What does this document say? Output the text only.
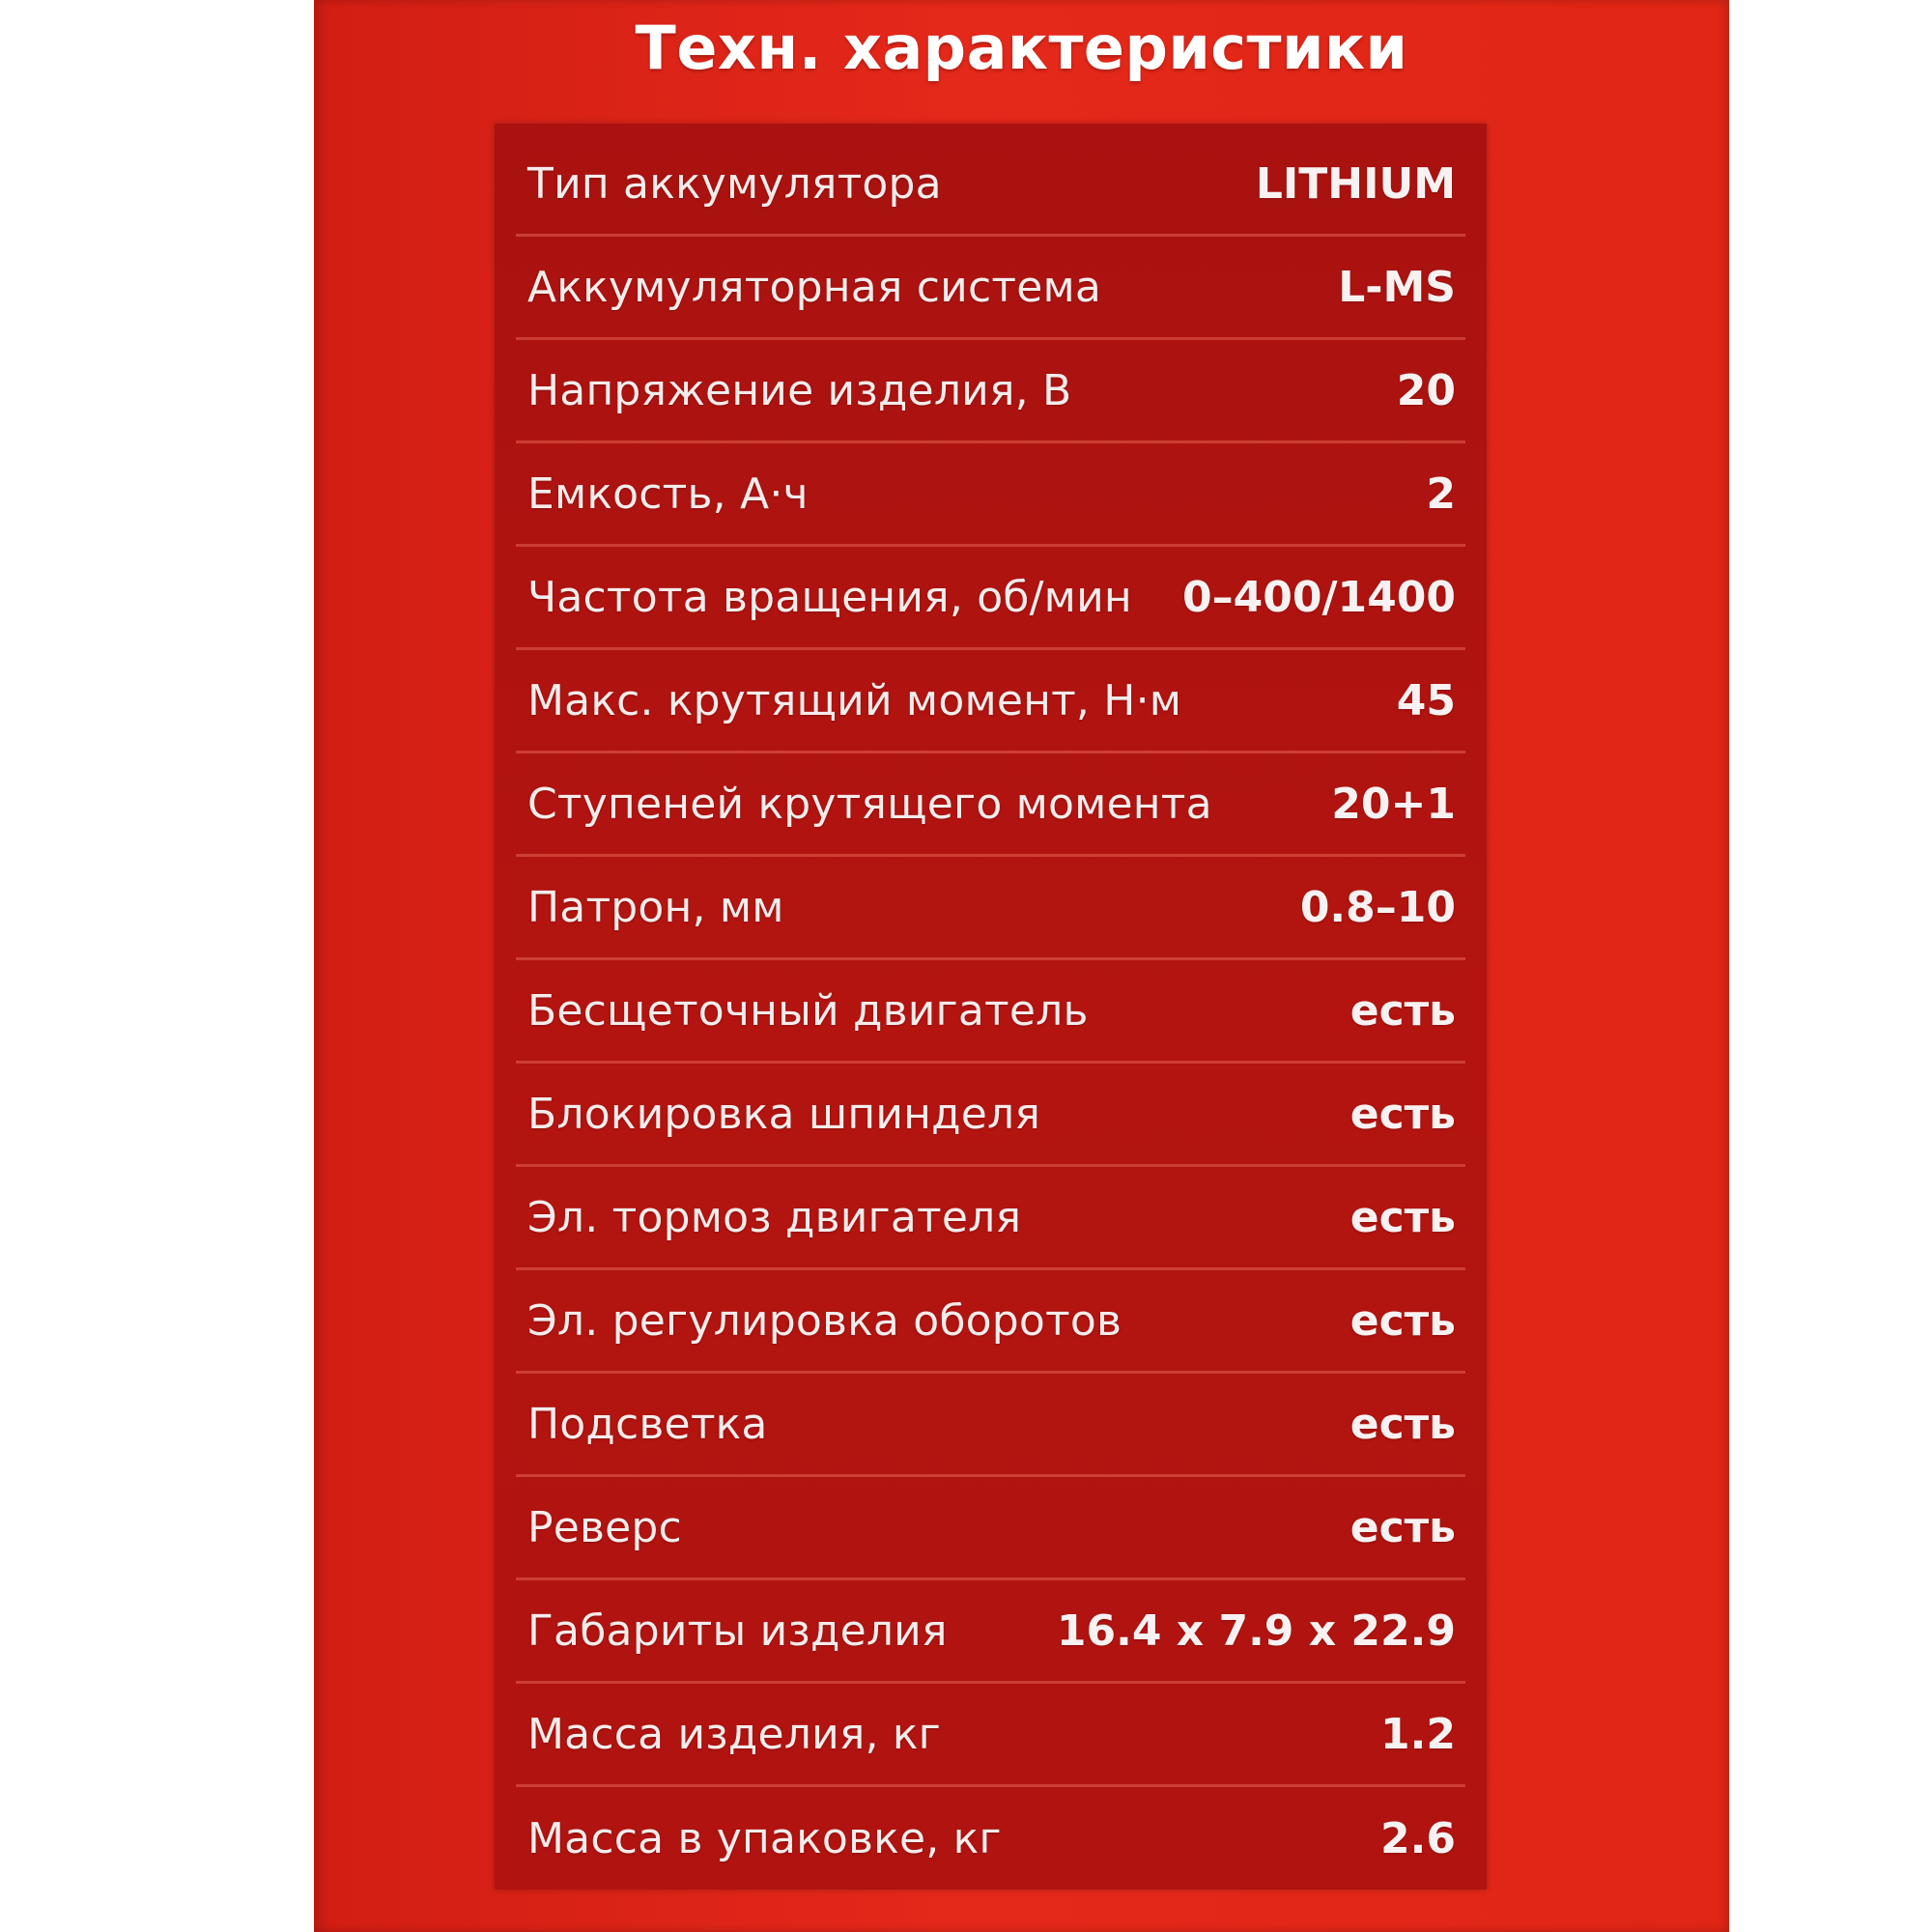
Техн. характеристики
Тип аккумулятора	LITHIUM
Аккумуляторная система	L-MS
Напряжение изделия, В	20
Емкость, А·ч	2
Частота вращения, об/мин 0–400/1400
Макс. крутящий момент, Н·м	45
Ступеней крутящего момента	20+1
Патрон, мм	0.8–10
Бесщеточный двигатель	есть
Блокировка шпинделя	есть
Эл. тормоз двигателя	есть
Эл. регулировка оборотов	есть
Подсветка	есть
Реверс	есть
Габариты изделия	16.4 x 7.9 x 22.9
Масса изделия, кг	1.2
Масса в упаковке, кг	2.6
